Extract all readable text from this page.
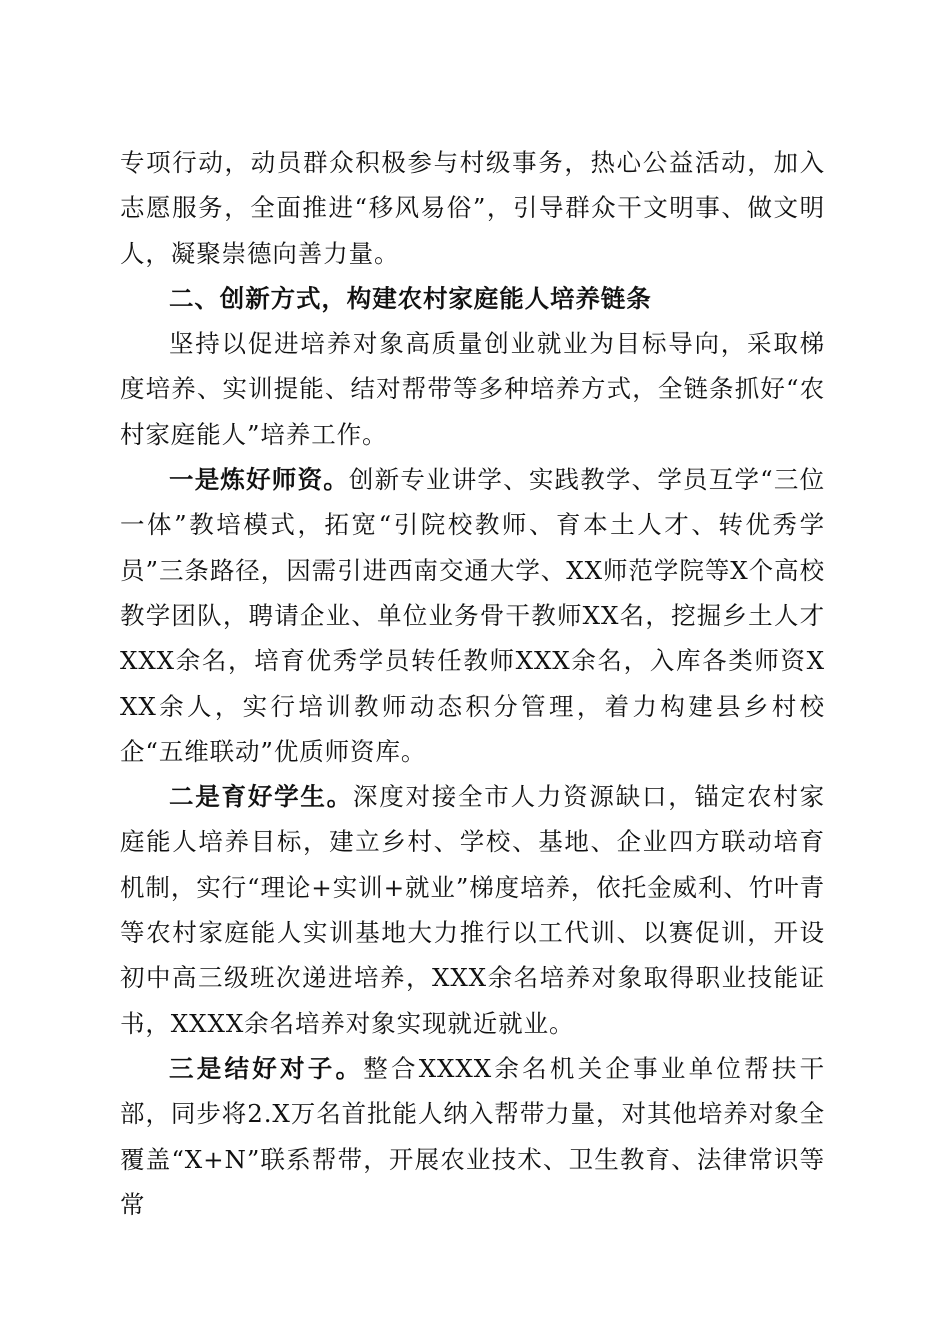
专项行动，动员群众积极参与村级事务，热心公益活动，加入志愿服务，全面推进“移风易俗”，引导群众干文明事、做文明人，凝聚崇德向善力量。

二、创新方式，构建农村家庭能人培养链条

坚持以促进培养对象高质量创业就业为目标导向，采取梯度培养、实训提能、结对帮带等多种培养方式，全链条抓好“农村家庭能人”培养工作。

一是炼好师资。创新专业讲学、实践教学、学员互学“三位一体”教培模式，拓宽“引院校教师、育本土人才、转优秀学员”三条路径，因需引进西南交通大学、XX师范学院等X个高校教学团队，聘请企业、单位业务骨干教师XX名，挖掘乡土人才XXX余名，培育优秀学员转任教师XXX余名，入库各类师资XXX余人，实行培训教师动态积分管理，着力构建县乡村校企“五维联动”优质师资库。

二是育好学生。深度对接全市人力资源缺口，锚定农村家庭能人培养目标，建立乡村、学校、基地、企业四方联动培育机制，实行“理论+实训+就业”梯度培养，依托金威利、竹叶青等农村家庭能人实训基地大力推行以工代训、以赛促训，开设初中高三级班次递进培养，XXX余名培养对象取得职业技能证书，XXXX余名培养对象实现就近就业。

三是结好对子。整合XXXX余名机关企事业单位帮扶干部，同步将2.X万名首批能人纳入帮带力量，对其他培养对象全覆盖“X+N”联系帮带，开展农业技术、卫生教育、法律常识等常
